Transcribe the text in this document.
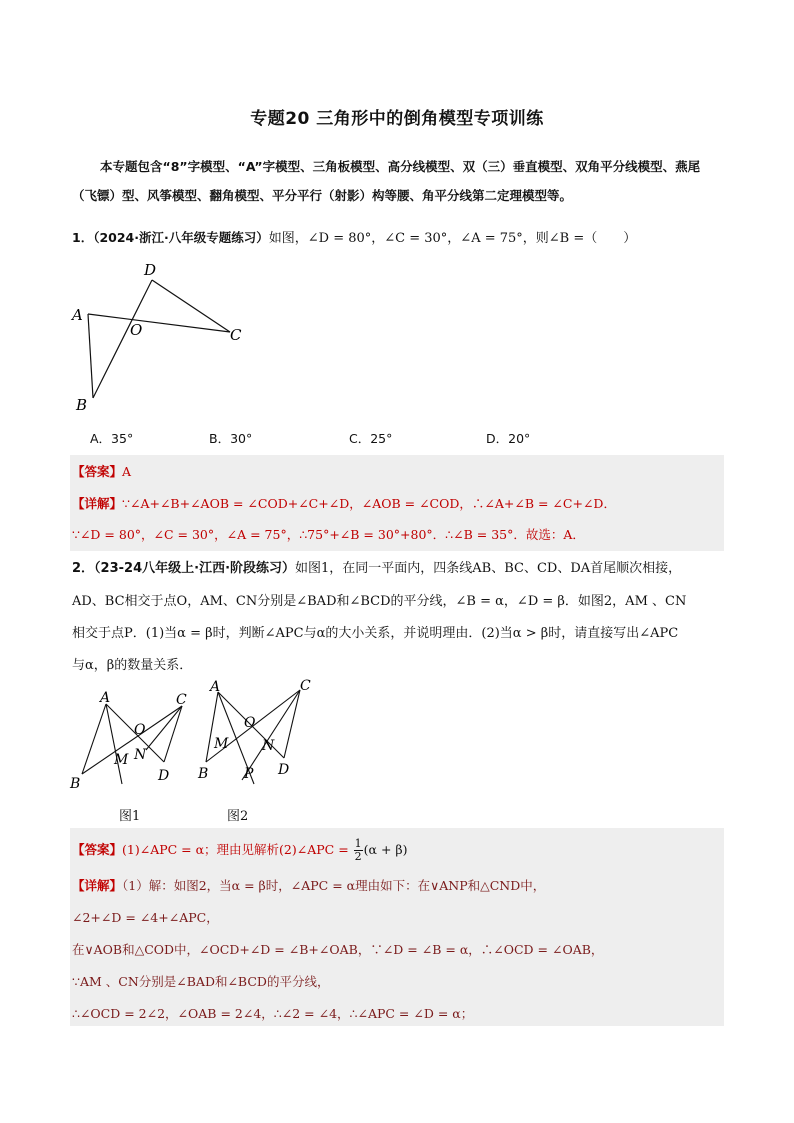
专题20 三角形中的倒角模型专项训练
本专题包含“8”字模型、“A”字模型、三角板模型、高分线模型、双（三）垂直模型、双角平分线模型、燕尾（飞镖）型、风筝模型、翻角模型、平分平行（射影）构等腰、角平分线第二定理模型等。
1．（2024·浙江·八年级专题练习）如图，∠D = 80°，∠C = 30°，∠A = 75°，则∠B =（　　）
D
A
O	C
B
A．35°	B．30°	C．25°	D．20°
【答案】A
【详解】∵∠A+∠B+∠AOB = ∠COD+∠C+∠D，∠AOB = ∠COD，∴∠A+∠B = ∠C+∠D．
∵∠D = 80°，∠C = 30°，∠A = 75°，∴75°+∠B = 30°+80°．∴∠B = 35°．故选：A．
2．（23-24八年级上·江西·阶段练习）如图1，在同一平面内，四条线AB、BC、CD、DA首尾顺次相接，
AD、BC相交于点O，AM、CN分别是∠BAD和∠BCD的平分线，∠B = α，∠D = β．如图2，AM 、CN
相交于点P．(1)当α = β时，判断∠APC与α的大小关系，并说明理由．(2)当α > β时，请直接写出∠APC
与α，β的数量关系．
A	C
O
N
M
D
B
图1
A	C
O
M N
B	P D
图2
【答案】(1)∠APC = α；理由见解析(2)∠APC = $\frac{1}{2} (\alpha + \beta)$
【详解】（1）解：如图2，当α = β时，∠APC = α理由如下：在∨ANP和△CND中，
∠2+∠D = ∠4+∠APC，
在∨AOB和△COD中，∠OCD+∠D = ∠B+∠OAB，∵∠D = ∠B = α，∴∠OCD = ∠OAB，
∵AM 、CN分别是∠BAD和∠BCD的平分线，
∴∠OCD = 2∠2，∠OAB = 2∠4，∴∠2 = ∠4，∴∠APC = ∠D = α；
